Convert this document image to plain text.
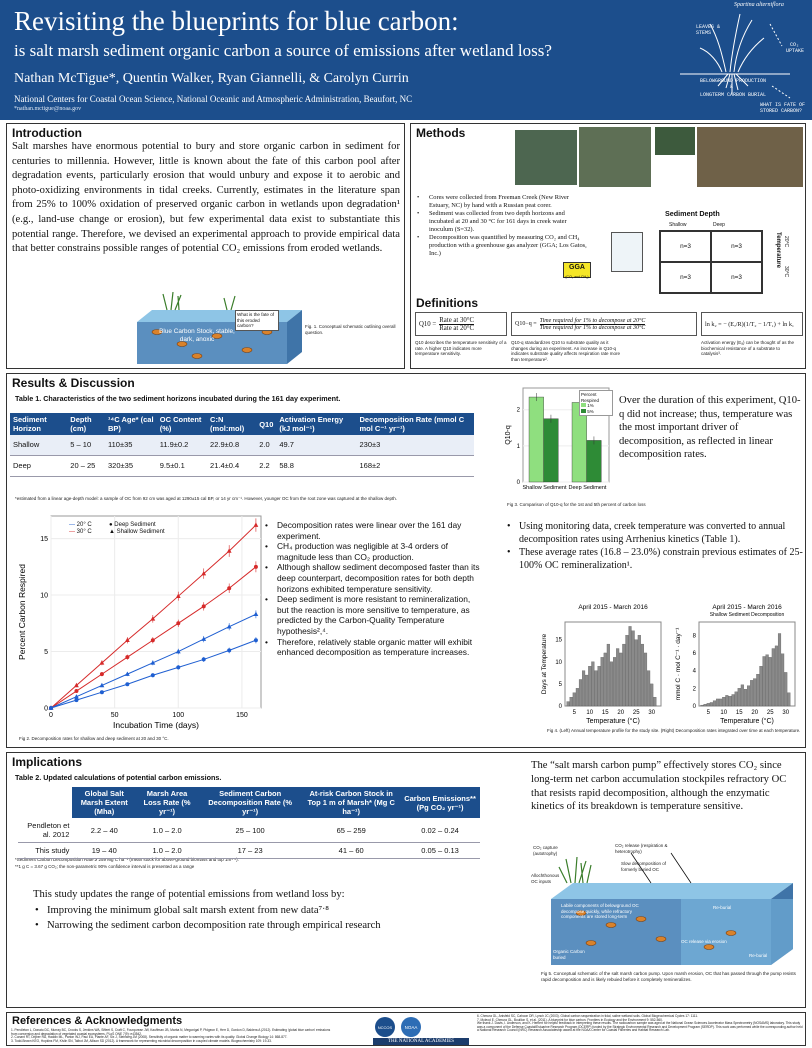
Revisiting the blueprints for blue carbon:
is salt marsh sediment organic carbon a source of emissions after wetland loss?
Nathan McTigue*, Quentin Walker, Ryan Giannelli, & Carolyn Currin
National Centers for Coastal Ocean Science, National Oceanic and Atmospheric Administration, Beaufort, NC
*nathan.mctigue@noaa.gov
Spartina alterniflora
LEAVES &
STEMS
CO₂
UPTAKE
BELOWGROUND PRODUCTION
&
LONGTERM CARBON BURIAL
WHAT IS FATE OF
STORED CARBON?
Introduction

Salt marshes have enormous potential to bury and store organic carbon in sediment for centuries to millennia. However, little is known about the fate of this carbon pool after degradation events, particularly erosion that would unbury and expose it to aerobic and photo-oxidizing environments in tidal creeks. Currently, estimates in the literature span from 25% to 100% oxidation of preserved organic carbon in wetlands upon degradation¹ (e.g., land-use change or erosion), but few experimental data exist to substantiate this potential range. Therefore, we devised an experimental approach to provide empirical data that better constrains possible ranges of potential CO₂ emissions from eroded wetlands.

Blue Carbon Stock, stable, dark, anoxic
What is the fate of this eroded carbon?	Fig. 1. Conceptual schematic outlining overall question.
Methods
• Cores were collected from Freeman Creek (New River Estuary, NC) by hand with a Russian peat corer.
• Sediment was collected from two depth horizons and incubated at 20 and 30 °C for 161 days in creek water inoculum (S=32).
• Decomposition was quantified by measuring CO₂ and CH₄ production with a greenhouse gas analyzer (GGA; Los Gatos, Inc.)
GGA
(CO₂ and CH₄)
Sediment Depth
Shallow	Deep
n=3	n=3
n=3	n=3
Temperature 20°C
30°C
Definitions
Q10 =
Rate at 30°C
Rate at 20°C
Q10−q =
Time required for 1% to decompose at 20°C
Time required for 1% to decompose at 30°C	ln k₂ = − (Eₐ/R)(1/T₂ − 1/T₁) + ln k₁
Q10 describes the temperature sensitivity of a rate. A higher Q10 indicates more temperature sensitivity.
Q10-q standardizes Q10 to substrate quality as it changes during an experiment. An increase in Q10-q indicates substrate quality affects respiration rate more than temperature².
Activation energy (Eₐ) can be thought of as the biochemical resistance of a substrate to catalysis³.
Results & Discussion
Table 1. Characteristics of the two sediment horizons incubated during the 161 day experiment.
*estimated from a linear age-depth model: a sample of OC from 92 cm was aged at 1290±15 cal BP, or 14 yr cm⁻¹. However, younger OC from the root zone was captured at the shallow depth.
0	50	100	150
0
5
10
15
Incubation Time (days)
Percent Carbon Respired
— 20° C
— 30° C
● Deep Sediment
▲ Shallow Sediment
Fig 2. Decomposition rates for shallow and deep sediment at 20 and 30 °C.
• Decomposition rates were linear over the 161 day experiment.
• CH₄ production was negligible at 3-4 orders of magnitude less than CO₂ production.
• Although shallow sediment decomposed faster than its deep counterpart, decomposition rates for both depth horizons exhibited temperature sensitivity.
• Deep sediment is more resistant to remineralization, but the reaction is more sensitive to temperature, as predicted by the Carbon-Quality Temperature hypothesis²,⁴.
• Therefore, relatively stable organic matter will exhibit enhanced decomposition as temperature increases.
0
1
2
Q10-q
Shallow Sediment Deep Sediment
Percent Respired
1%
5%
Fig 3. Comparison of Q10-q for the 1st and 5th percent of carbon loss
Over the duration of this experiment, Q10-q did not increase; thus, temperature was the most important driver of decomposition, as reflected in linear decomposition rates.
• Using monitoring data, creek temperature was converted to annual decomposition rates using Arrhenius kinetics (Table 1).
• These average rates (16.8 – 23.0%) constrain previous estimates of 25-100% OC remineralization¹.
April 2015 - March 2016
0
5
10
15
5 10 15 20 25 30
Temperature (°C)
Days at Temperature
April 2015 - March 2016
Shallow Sediment Decomposition
0
2
4
6
8
5 10 15 20 25 30
Temperature (°C)
mmol C · mol C⁻¹ · day⁻¹
Fig 4. (Left) Annual temperature profile for the study site. (Right) Decomposition rates integrated over time at each temperature.
Sediment Horizon	Depth (cm)	¹⁴C Age* (cal BP)	OC Content (%)	C:N (mol:mol)	Q10	Activation Energy (kJ mol⁻¹)	Decomposition Rate (mmol C mol C⁻¹ yr⁻¹)
Shallow	5 – 10	110±35	11.9±0.2	22.9±0.8	2.0	49.7	230±3
Deep	20 – 25	320±35	9.5±0.1	21.4±0.4	2.2	58.8	168±2
Implications
Table 2. Updated calculations of potential carbon emissions.
*Sediment Carbon Decomposition Rate ≥ 259 Mg C ha⁻¹ (mean stock for above-ground biomass and top 1m⁵ˑ⁶).
**1 g C = 3.67 g CO₂; the non-parametric 90% confidence interval is presented as a range
This study updates the range of potential emissions from wetland loss by:
• Improving the minimum global salt marsh extent from new data⁷ˑ⁸
• Narrowing the sediment carbon decomposition rate through empirical research
The “salt marsh carbon pump” effectively stores CO₂ since long-term net carbon accumulation stockpiles refractory OC that resists rapid decomposition, although the enzymatic kinetics of its breakdown is temperature sensitive.
CO₂ capture (autotrophy)
CO₂ release (respiration & heterotrophy)
Slow decomposition of formerly buried OC
Allochthonous OC inputs
Labile components of belowground OC decompose quickly, while refractory components are stored long-term
Organic Carbon buried
Re-burial
OC release via erosion
Re-burial
Fig 5. Conceptual schematic of the salt marsh carbon pump. Upon marsh erosion, OC that has passed through the pump resists rapid decomposition and is likely rebuied before it completely remineralizes.
	Global Salt Marsh Extent (Mha)	Marsh Area Loss Rate (% yr⁻¹)	Sediment Carbon Decomposition Rate (% yr⁻¹)	At-risk Carbon Stock in Top 1 m of Marsh* (Mg C ha⁻¹)	Carbon Emissions** (Pg CO₂ yr⁻¹)
Pendleton et al. 2012	2.2 – 40	1.0 – 2.0	25 – 100	65 – 259	0.02 – 0.24
This study	19 – 40	1.0 – 2.0	17 – 23	41 – 60	0.05 – 0.13
References & Acknowledgments
1. Pendleton L, Donato DC, Murray BC, Crooks S, Jenkins WA, Sifleet S, Craft C, Fourqurean JW, Kauffman JB, Marba N, Megonigal P, Pidgeon E, Herr D, Gordon D, Baldera A (2012). Estimating 'global blue carbon' emissions from conversion and degradation of vegetated coastal ecosystems. PLoS ONE 7(9): e43542.
2. Conant RT, Drijber RA, Haddix ML, Parton WJ, Paul EA, Plante AF, Six J, Steinweg JM (2008). Sensitivity of organic matter to warming varies with its quality. Global Change Biology 14: 868-877.
3. Todd-Brown KEO, Hopkins FM, Kivlin SN, Talbot JM, Allison SD (2012). A framework for representing microbial decomposition in coupled climate models. Biogeochemistry 109: 19-33.
NCCOS	NOAA
THE NATIONAL ACADEMIES
6. Chmura GL, Anisfeld SC, Cahoon DR, Lynch JC (2003). Global carbon sequestration in tidal, saline wetland soils. Global Biogeochemical Cycles 17: 1111.
7. Mcleod E, Chmura GL, Bouillon S, et al. (2011). A blueprint for blue carbon. Frontiers in Ecology and the Environment 9: 552-560.
We thank J. Davis, I. Anderson, and K. Herbert for helpful feedback in interpreting these results. The radiocarbon sample was aged at the National Ocean Sciences Accelerator Mass Spectrometry (NOSAMS) laboratory. This study was a component of the Defense Coastal/Estuarine Research Program (DCERP) funded by the Strategic Environmental Research and Development Program (SERDP). This work was performed while the corresponding author held a National Research Council (NRC) Research Associateship award at the NOAA Center for Coastal Fisheries and Habitat Research Lab.
